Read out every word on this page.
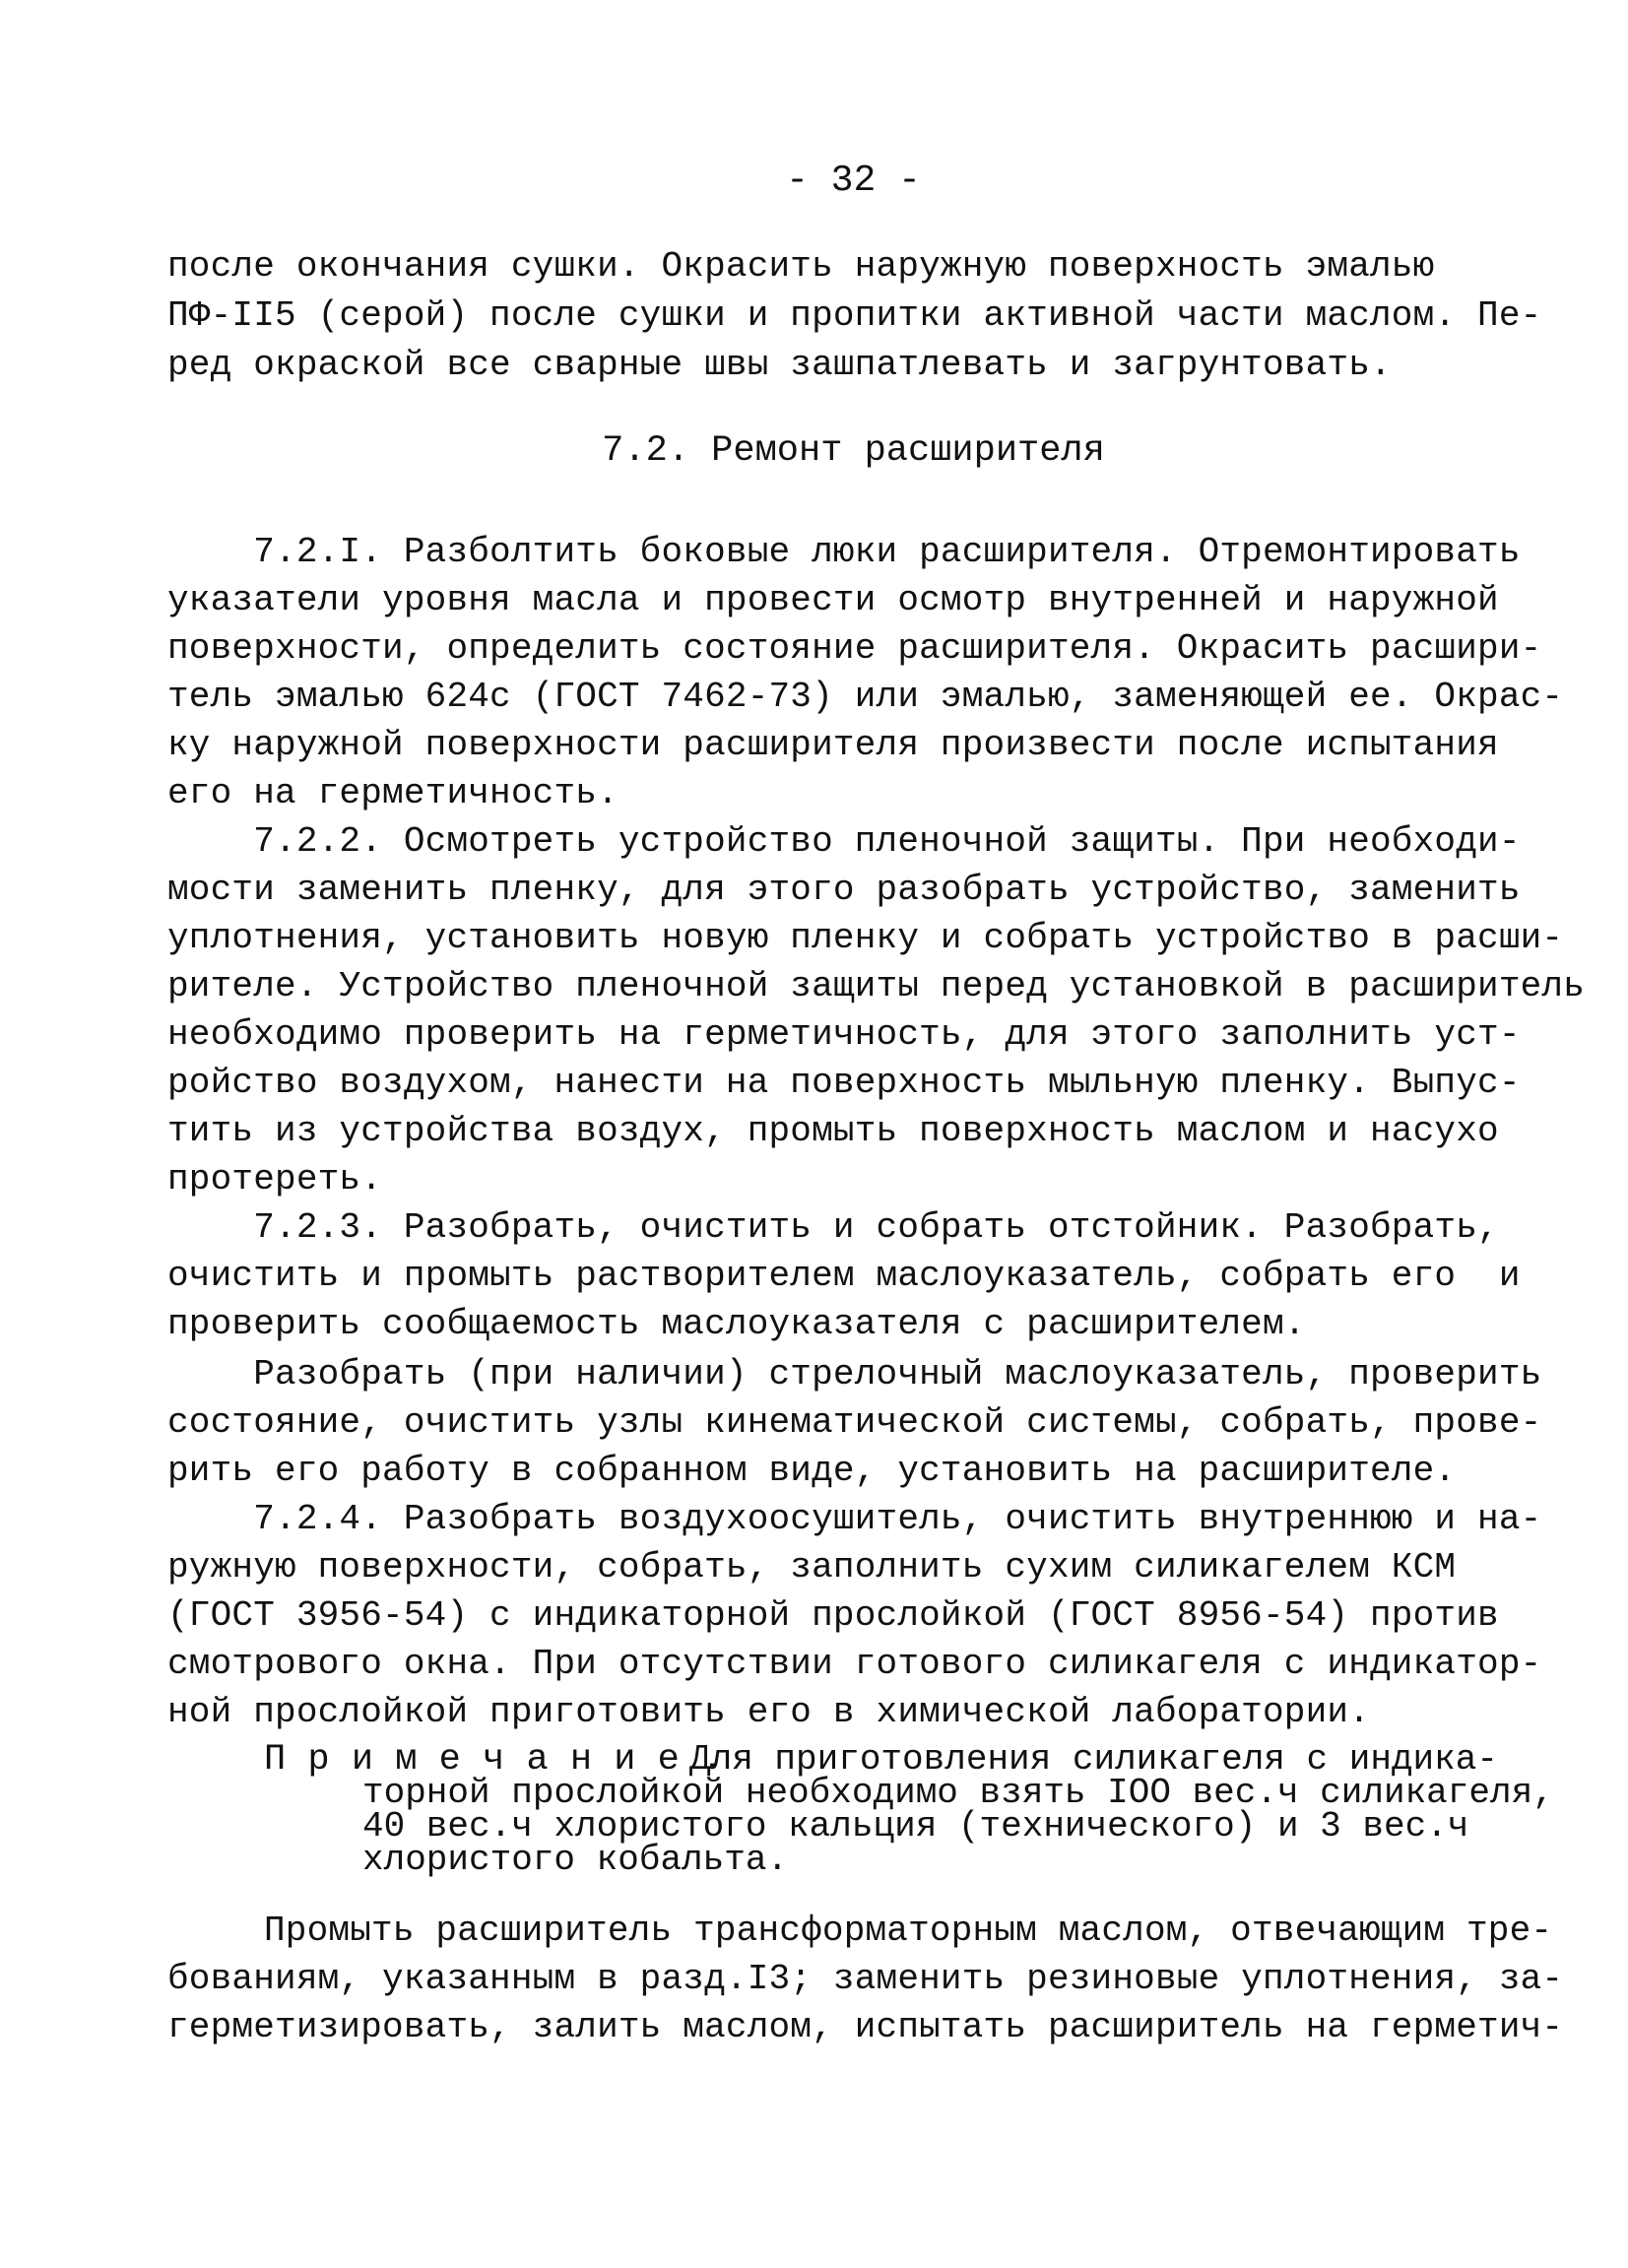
- 32 -
после окончания сушки. Окрасить наружную поверхность эмалью
ПФ-II5 (серой) после сушки и пропитки активной части маслом. Пе-
ред окраской все сварные швы зашпатлевать и загрунтовать.
7.2. Ремонт расширителя
7.2.I. Разболтить боковые люки расширителя. Отремонтировать
указатели уровня масла и провести осмотр внутренней и наружной
поверхности, определить состояние расширителя. Окрасить расшири-
тель эмалью 624с (ГОСТ 7462-73) или эмалью, заменяющей ее. Окрас-
ку наружной поверхности расширителя произвести после испытания
его на герметичность.
7.2.2. Осмотреть устройство пленочной защиты. При необходи-
мости заменить пленку, для этого разобрать устройство, заменить
уплотнения, установить новую пленку и собрать устройство в расши-
рителе. Устройство пленочной защиты перед установкой в расширитель
необходимо проверить на герметичность, для этого заполнить уст-
ройство воздухом, нанести на поверхность мыльную пленку. Выпус-
тить из устройства воздух, промыть поверхность маслом и насухо
протереть.
7.2.3. Разобрать, очистить и собрать отстойник. Разобрать,
очистить и промыть растворителем маслоуказатель, собрать его  и
проверить сообщаемость маслоуказателя с расширителем.
Разобрать (при наличии) стрелочный маслоуказатель, проверить
состояние, очистить узлы кинематической системы, собрать, прове-
рить его работу в собранном виде, установить на расширителе.
7.2.4. Разобрать воздухоосушитель, очистить внутреннюю и на-
ружную поверхности, собрать, заполнить сухим силикагелем КСМ
(ГОСТ 3956-54) с индикаторной прослойкой (ГОСТ 8956-54) против
смотрового окна. При отсутствии готового силикагеля с индикатор-
ной прослойкой приготовить его в химической лаборатории.
П р и м е ч а н и е .
Для приготовления силикагеля с индика-
торной прослойкой необходимо взять IOO вес.ч силикагеля,
40 вес.ч хлористого кальция (технического) и 3 вес.ч
хлористого кобальта.
Промыть расширитель трансформаторным маслом, отвечающим тре-
бованиям, указанным в разд.I3; заменить резиновые уплотнения, за-
герметизировать, залить маслом, испытать расширитель на герметич-
